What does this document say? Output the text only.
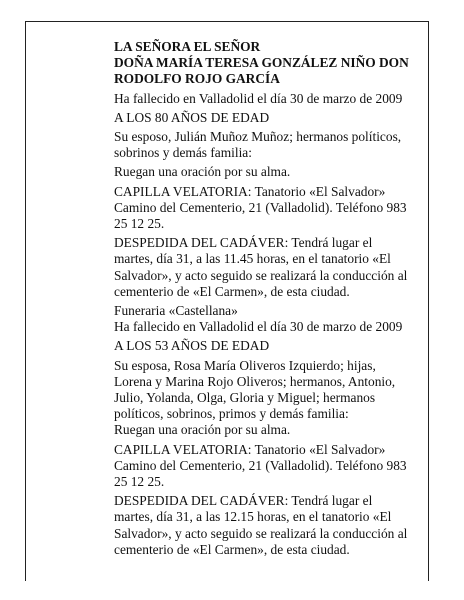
LA SEÑORA EL SEÑOR
DOÑA MARÍA TERESA GONZÁLEZ NIÑO DON
RODOLFO ROJO GARCÍA
Ha fallecido en Valladolid el día 30 de marzo de 2009
A LOS 80 AÑOS DE EDAD
Su esposo, Julián Muñoz Muñoz; hermanos políticos,
sobrinos y demás familia:
Ruegan una oración por su alma.
CAPILLA VELATORIA: Tanatorio «El Salvador»
Camino del Cementerio, 21 (Valladolid). Teléfono 983
25 12 25.
DESPEDIDA DEL CADÁVER: Tendrá lugar el
martes, día 31, a las 11.45 horas, en el tanatorio «El
Salvador», y acto seguido se realizará la conducción al
cementerio de «El Carmen», de esta ciudad.
Funeraria «Castellana»
Ha fallecido en Valladolid el día 30 de marzo de 2009
A LOS 53 AÑOS DE EDAD
Su esposa, Rosa María Oliveros Izquierdo; hijas,
Lorena y Marina Rojo Oliveros; hermanos, Antonio,
Julio, Yolanda, Olga, Gloria y Miguel; hermanos
políticos, sobrinos, primos y demás familia:
Ruegan una oración por su alma.
CAPILLA VELATORIA: Tanatorio «El Salvador»
Camino del Cementerio, 21 (Valladolid). Teléfono 983
25 12 25.
DESPEDIDA DEL CADÁVER: Tendrá lugar el
martes, día 31, a las 12.15 horas, en el tanatorio «El
Salvador», y acto seguido se realizará la conducción al
cementerio de «El Carmen», de esta ciudad.
